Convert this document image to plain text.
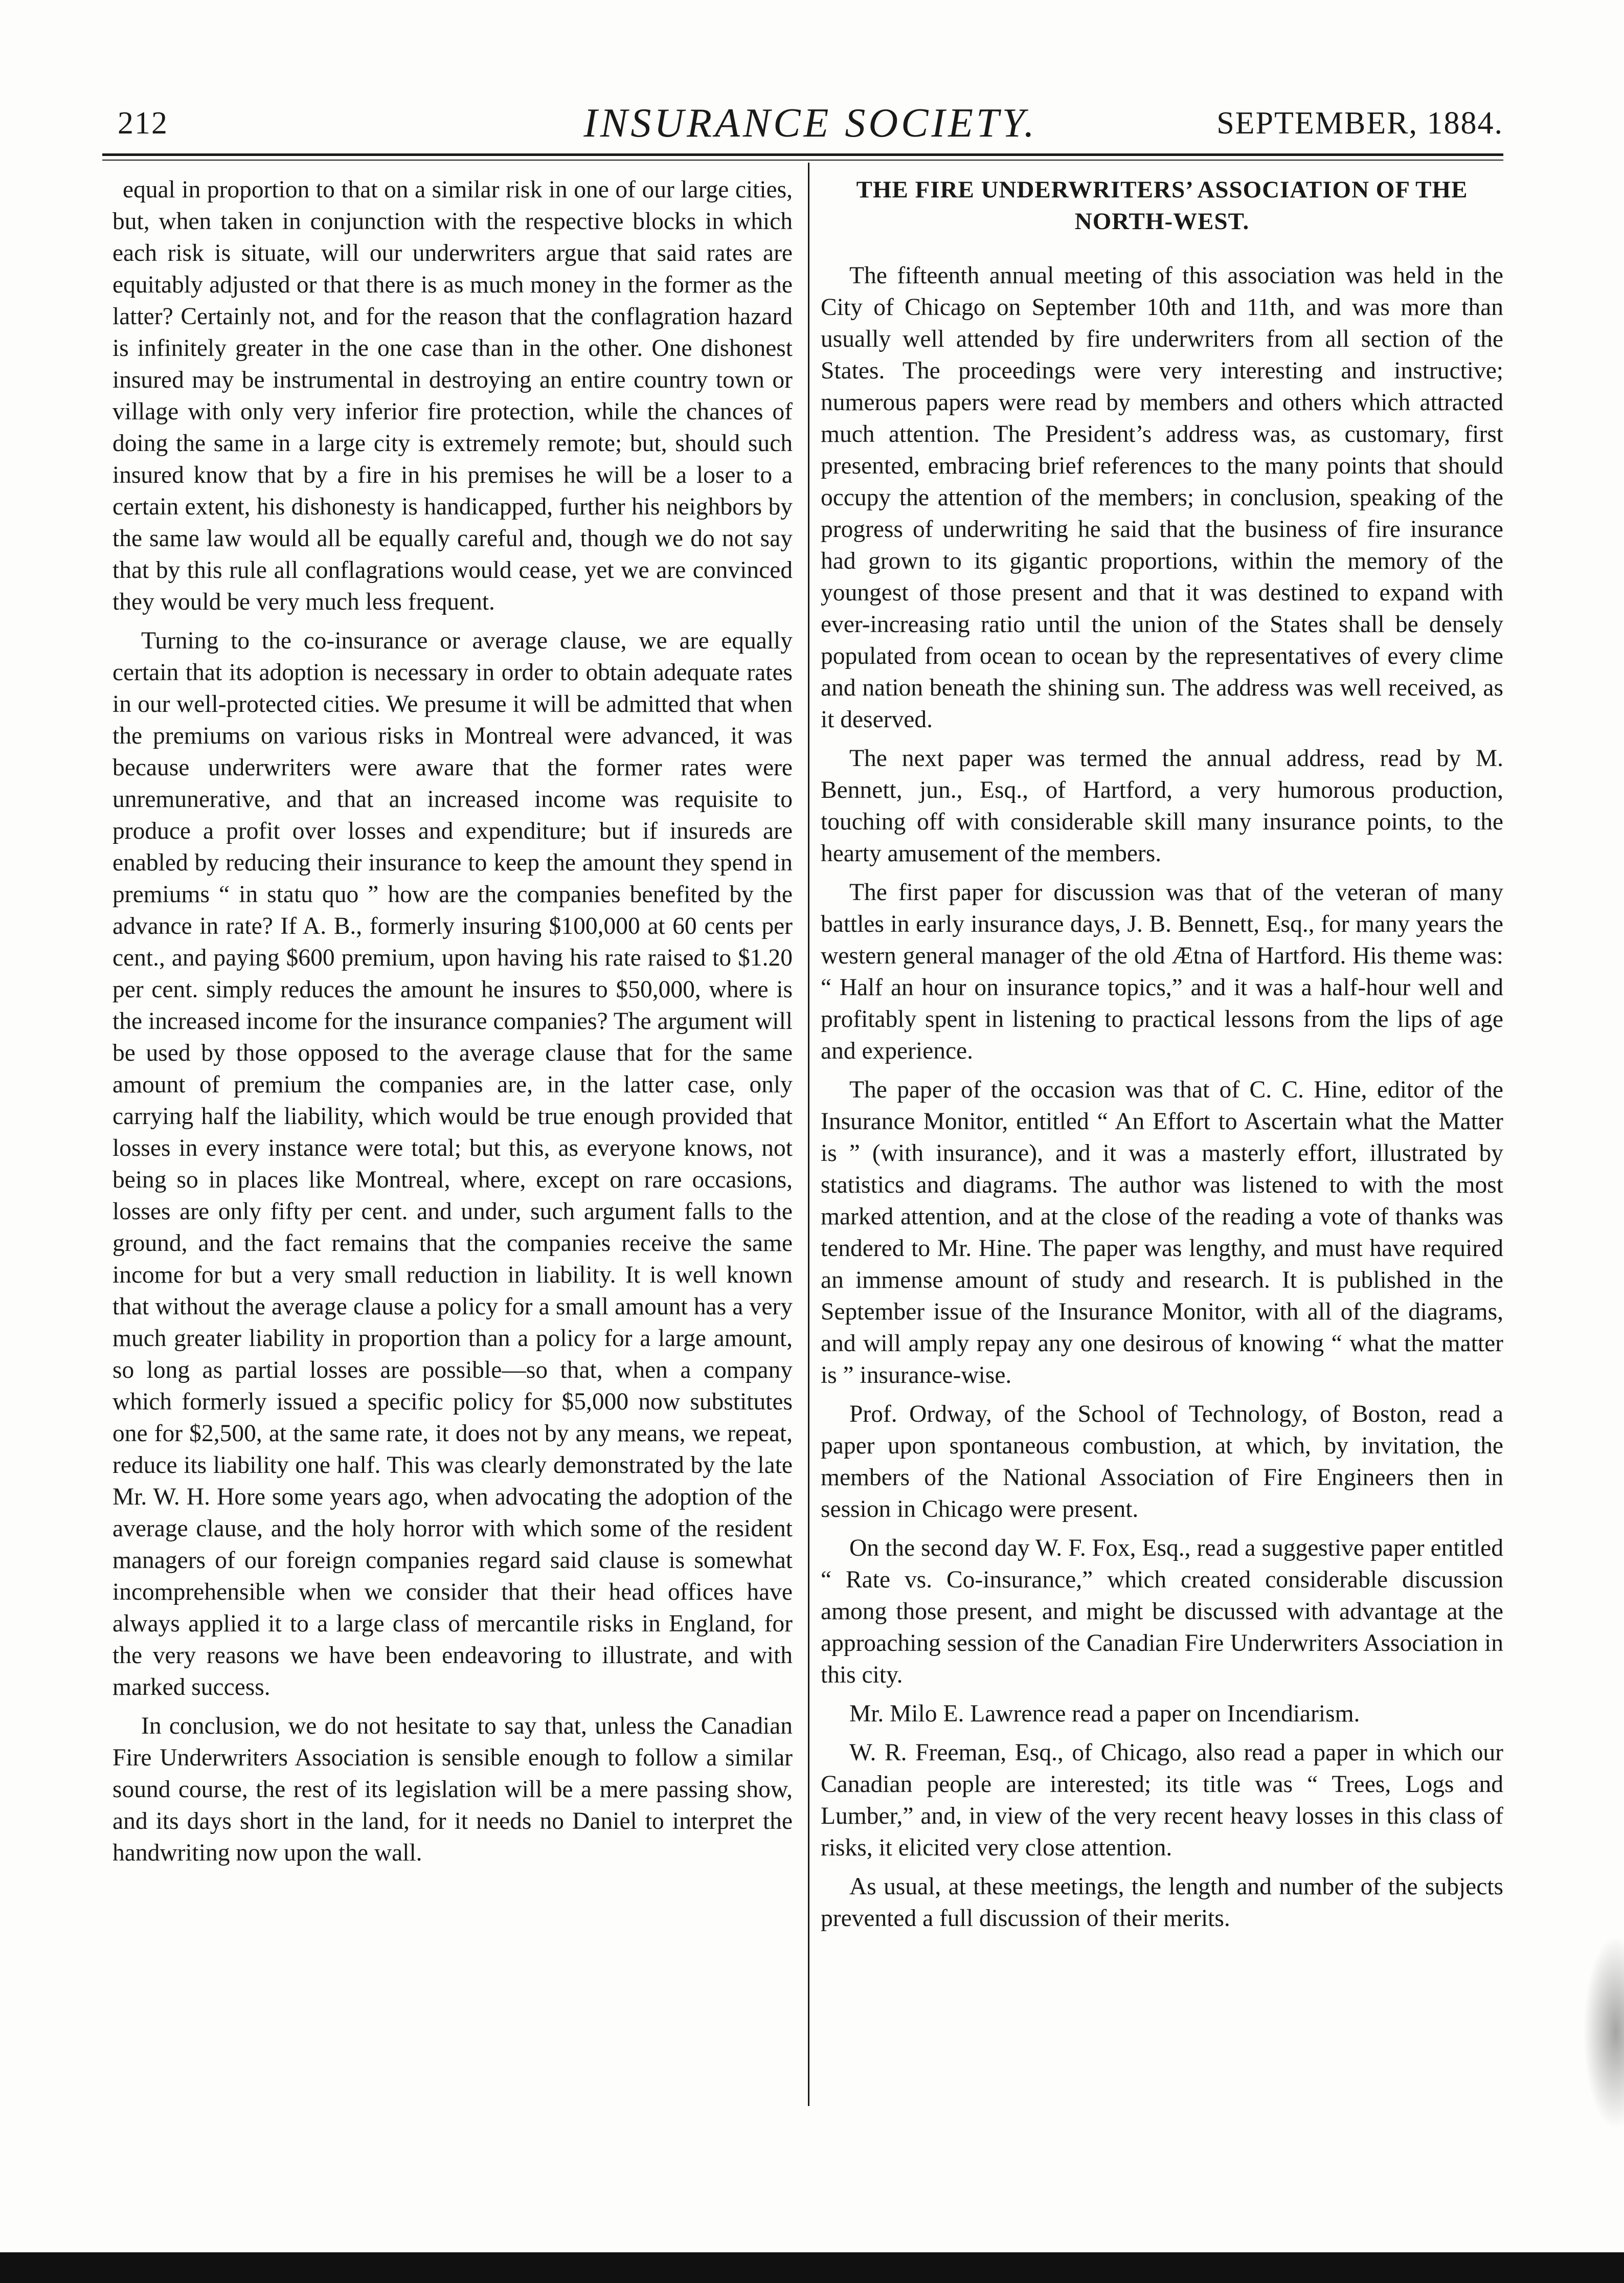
212	INSURANCE SOCIETY.	SEPTEMBER, 1884.

equal in proportion to that on a similar risk in one of our large cities, but, when taken in conjunction with the respective blocks in which each risk is situate, will our underwriters argue that said rates are equitably adjusted or that there is as much money in the former as the latter? Certainly not, and for the reason that the conflagration hazard is infinitely greater in the one case than in the other. One dishonest insured may be instrumental in destroying an entire country town or village with only very inferior fire protection, while the chances of doing the same in a large city is extremely remote; but, should such insured know that by a fire in his premises he will be a loser to a certain extent, his dishonesty is handicapped, further his neighbors by the same law would all be equally careful and, though we do not say that by this rule all conflagrations would cease, yet we are convinced they would be very much less frequent.

Turning to the co-insurance or average clause, we are equally certain that its adoption is necessary in order to obtain adequate rates in our well-protected cities. We presume it will be admitted that when the premiums on various risks in Montreal were advanced, it was because underwriters were aware that the former rates were unremunerative, and that an increased income was requisite to produce a profit over losses and expenditure; but if insureds are enabled by reducing their insurance to keep the amount they spend in premiums “ in statu quo ” how are the companies benefited by the advance in rate? If A. B., formerly insuring $100,000 at 60 cents per cent., and paying $600 premium, upon having his rate raised to $1.20 per cent. simply reduces the amount he insures to $50,000, where is the increased income for the insurance companies? The argument will be used by those opposed to the average clause that for the same amount of premium the companies are, in the latter case, only carrying half the liability, which would be true enough provided that losses in every instance were total; but this, as everyone knows, not being so in places like Montreal, where, except on rare occasions, losses are only fifty per cent. and under, such argument falls to the ground, and the fact remains that the companies receive the same income for but a very small reduction in liability. It is well known that without the average clause a policy for a small amount has a very much greater liability in proportion than a policy for a large amount, so long as partial losses are possible—so that, when a company which formerly issued a specific policy for $5,000 now substitutes one for $2,500, at the same rate, it does not by any means, we repeat, reduce its liability one half. This was clearly demonstrated by the late Mr. W. H. Hore some years ago, when advocating the adoption of the average clause, and the holy horror with which some of the resident managers of our foreign companies regard said clause is somewhat incomprehensible when we consider that their head offices have always applied it to a large class of mercantile risks in England, for the very reasons we have been endeavoring to illustrate, and with marked success.

In conclusion, we do not hesitate to say that, unless the Canadian Fire Underwriters Association is sensible enough to follow a similar sound course, the rest of its legislation will be a mere passing show, and its days short in the land, for it needs no Daniel to interpret the handwriting now upon the wall.

THE FIRE UNDERWRITERS’ ASSOCIATION OF THE NORTH-WEST.

The fifteenth annual meeting of this association was held in the City of Chicago on September 10th and 11th, and was more than usually well attended by fire underwriters from all section of the States. The proceedings were very interesting and instructive; numerous papers were read by members and others which attracted much attention. The President’s address was, as customary, first presented, embracing brief references to the many points that should occupy the attention of the members; in conclusion, speaking of the progress of underwriting he said that the business of fire insurance had grown to its gigantic proportions, within the memory of the youngest of those present and that it was destined to expand with ever-increasing ratio until the union of the States shall be densely populated from ocean to ocean by the representatives of every clime and nation beneath the shining sun. The address was well received, as it deserved.

The next paper was termed the annual address, read by M. Bennett, jun., Esq., of Hartford, a very humorous production, touching off with considerable skill many insurance points, to the hearty amusement of the members.

The first paper for discussion was that of the veteran of many battles in early insurance days, J. B. Bennett, Esq., for many years the western general manager of the old Ætna of Hartford. His theme was: “ Half an hour on insurance topics,” and it was a half-hour well and profitably spent in listening to practical lessons from the lips of age and experience.

The paper of the occasion was that of C. C. Hine, editor of the Insurance Monitor, entitled “ An Effort to Ascertain what the Matter is ” (with insurance), and it was a masterly effort, illustrated by statistics and diagrams. The author was listened to with the most marked attention, and at the close of the reading a vote of thanks was tendered to Mr. Hine. The paper was lengthy, and must have required an immense amount of study and research. It is published in the September issue of the Insurance Monitor, with all of the diagrams, and will amply repay any one desirous of knowing “ what the matter is ” insurance-wise.

Prof. Ordway, of the School of Technology, of Boston, read a paper upon spontaneous combustion, at which, by invitation, the members of the National Association of Fire Engineers then in session in Chicago were present.

On the second day W. F. Fox, Esq., read a suggestive paper entitled “ Rate vs. Co-insurance,” which created considerable discussion among those present, and might be discussed with advantage at the approaching session of the Canadian Fire Underwriters Association in this city.

Mr. Milo E. Lawrence read a paper on Incendiarism.

W. R. Freeman, Esq., of Chicago, also read a paper in which our Canadian people are interested; its title was “ Trees, Logs and Lumber,” and, in view of the very recent heavy losses in this class of risks, it elicited very close attention.

As usual, at these meetings, the length and number of the subjects prevented a full discussion of their merits.
